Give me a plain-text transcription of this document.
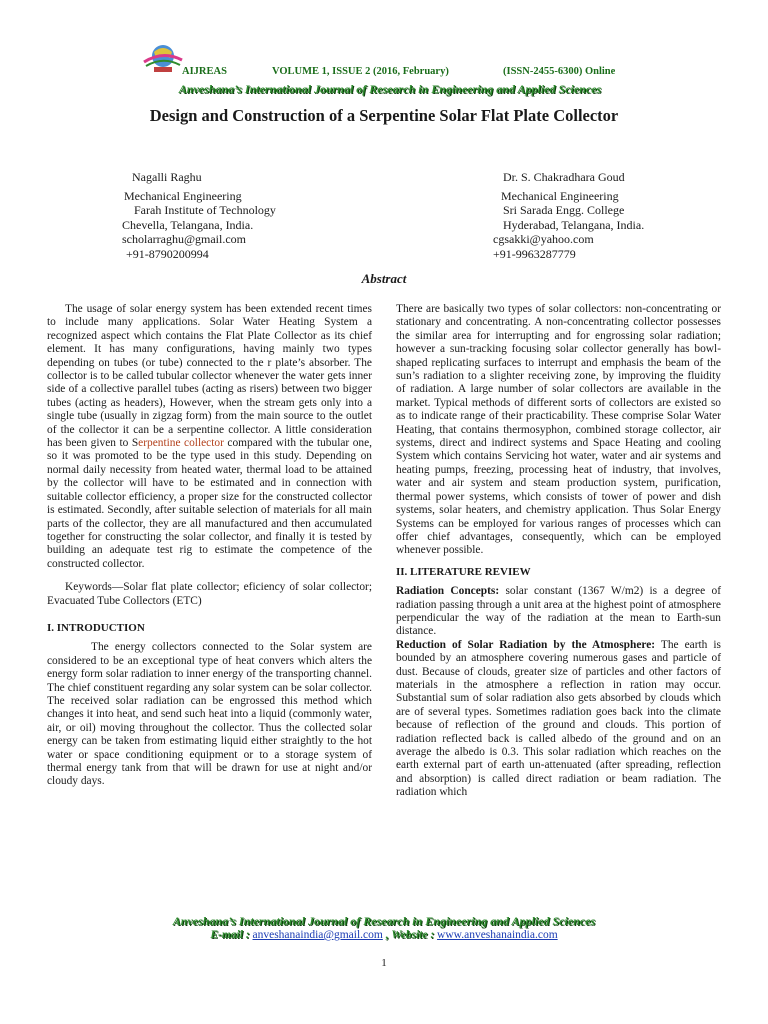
AIJREAS	VOLUME 1, ISSUE 2 (2016, February)	(ISSN-2455-6300) Online
Anveshana’s International Journal of Research in Engineering and Applied Sciences
Design and Construction of a Serpentine Solar Flat Plate Collector
Nagalli Raghu
Mechanical Engineering
Farah Institute of Technology
Chevella, Telangana, India.
scholarraghu@gmail.com
+91-8790200994
Dr. S. Chakradhara Goud
Mechanical Engineering
Sri Sarada Engg. College
Hyderabad, Telangana, India.
cgsakki@yahoo.com
+91-9963287779
Abstract

The usage of solar energy system has been extended recent times to include many applications. Solar Water Heating System a recognized aspect which contains the Flat Plate Collector as its chief element. It has many configurations, having mainly two types depending on tubes (or tube) connected to the r plate’s absorber. The collector is to be called tubular collector whenever the water gets inner side of a collective parallel tubes (acting as risers) between two bigger tubes (acting as headers), However, when the stream gets only into a single tube (usually in zigzag form) from the main source to the outlet of the collector it can be a serpentine collector. A little consideration has been given to Serpentine collector compared with the tubular one, so it was promoted to be the type used in this study. Depending on normal daily necessity from heated water, thermal load to be attained by the collector will have to be estimated and in connection with suitable collector efficiency, a proper size for the constructed collector is estimated. Secondly, after suitable selection of materials for all main parts of the collector, they are all manufactured and then accumulated together for constructing the solar collector, and finally it is tested by building an adequate test rig to estimate the competence of the constructed collector.

Keywords—Solar flat plate collector; eficiency of solar collector; Evacuated Tube Collectors (ETC)

I. INTRODUCTION

The energy collectors connected to the Solar system are considered to be an exceptional type of heat convers which alters the energy form solar radiation to inner energy of the transporting channel. The chief constituent regarding any solar system can be solar collector. The received solar radiation can be engrossed this method which changes it into heat, and send such heat into a liquid (commonly water, air, or oil) moving throughout the collector. Thus the collected solar energy can be taken from estimating liquid either straightly to the hot water or space conditioning equipment or to a storage system of thermal energy tank from that will be drawn for use at night and/or cloudy days.

There are basically two types of solar collectors: non-concentrating or stationary and concentrating. A non-concentrating collector possesses the similar area for interrupting and for engrossing solar radiation; however a sun-tracking focusing solar collector generally has bowl-shaped replicating surfaces to interrupt and emphasis the beam of the sun’s radiation to a slighter receiving zone, by improving the fluidity of radiation. A large number of solar collectors are available in the market. Typical methods of different sorts of collectors are existed so as to indicate range of their practicability. These comprise Solar Water Heating, that contains thermosyphon, combined storage collector, air systems, direct and indirect systems and Space Heating and cooling System which contains Servicing hot water, water and air systems and heating pumps, freezing, processing heat of industry, that involves, water and air system and steam production system, purification, thermal power systems, which consists of tower of power and dish systems, solar heaters, and chemistry application. Thus Solar Energy Systems can be employed for various ranges of processes which can offer chief advantages, consequently, which can be employed whenever possible.

II. LITERATURE REVIEW

Radiation Concepts: solar constant (1367 W/m2) is a degree of radiation passing through a unit area at the highest point of atmosphere perpendicular the way of the radiation at the mean to Earth-sun distance.

Reduction of Solar Radiation by the Atmosphere: The earth is bounded by an atmosphere covering numerous gases and particle of dust. Because of clouds, greater size of particles and other factors of materials in the atmosphere a reflection in ration may occur. Substantial sum of solar radiation also gets absorbed by clouds which are of several types. Sometimes radiation goes back into the climate because of reflection of the ground and clouds. This portion of radiation reflected back is called albedo of the ground and on an average the albedo is 0.3. This solar radiation which reaches on the earth external part of earth un-attenuated (after spreading, reflection and absorption) is called direct radiation or beam radiation. The radiation which

Anveshana’s International Journal of Research in Engineering and Applied Sciences
E-mail : anveshanaindia@gmail.com , Website : www.anveshanaindia.com
1
